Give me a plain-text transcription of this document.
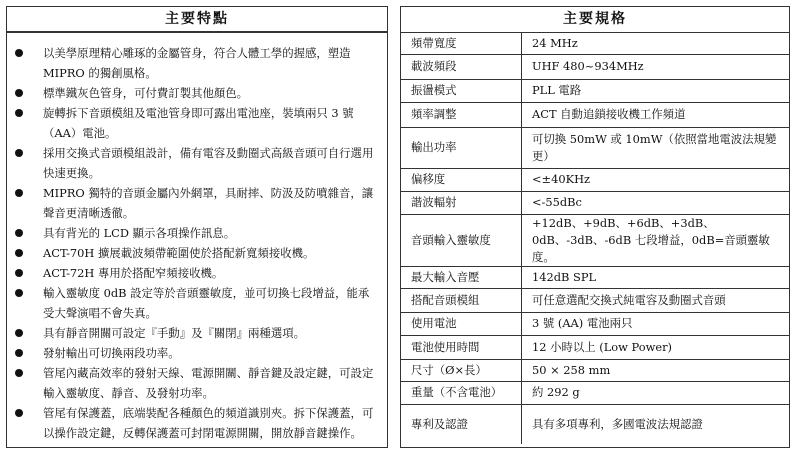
主要特點
以美學原理精心雕琢的金屬管身，符合人體工學的握感，塑造 MIPRO 的獨創風格。
標準鐵灰色管身，可付費訂製其他顏色。
旋轉拆下音頭模組及電池管身即可露出電池座，裝填兩只 3 號（AA）電池。
採用交換式音頭模組設計，備有電容及動圈式高級音頭可自行選用快速更換。
MIPRO 獨特的音頭金屬內外網罩，具耐摔、防汲及防噴雜音，讓聲音更清晰透徹。
具有背光的 LCD 顯示各項操作訊息。
ACT-70H 擴展載波頻帶範圍使於搭配新寬頻接收機。
ACT-72H 專用於搭配窄頻接收機。
輸入靈敏度 0dB 設定等於音頭靈敏度，並可切換七段增益，能承受大聲演唱不會失真。
具有靜音開關可設定『手動』及『關閉』兩種選項。
發射輸出可切換兩段功率。
管尾內藏高效率的發射天線、電源開關、靜音鍵及設定鍵，可設定輸入靈敏度、靜音、及發射功率。
管尾有保護蓋，底端裝配各種顏色的頻道識別夾。拆下保護蓋，可以操作設定鍵，反轉保護蓋可封閉電源開關，開放靜音鍵操作。
主要規格
頻帶寬度	24 MHz
載波頻段	UHF 480~934MHz
振盪模式	PLL 電路
頻率調整	ACT 自動追鎖接收機工作頻道
輸出功率	可切換 50mW 或 10mW（依照當地電波法規變更）
偏移度	<±40KHz
諧波輻射	<-55dBc
音頭輸入靈敏度	+12dB、+9dB、+6dB、+3dB、0dB、-3dB、-6dB 七段增益，0dB=音頭靈敏度。
最大輸入音壓	142dB SPL
搭配音頭模組	可任意選配交換式純電容及動圈式音頭
使用電池	3 號 (AA) 電池兩只
電池使用時間	12 小時以上 (Low Power)
尺寸（Ø×長）	50 × 258 mm
重量（不含電池）	約 292 g
專利及認證	具有多項專利，多國電波法規認證
